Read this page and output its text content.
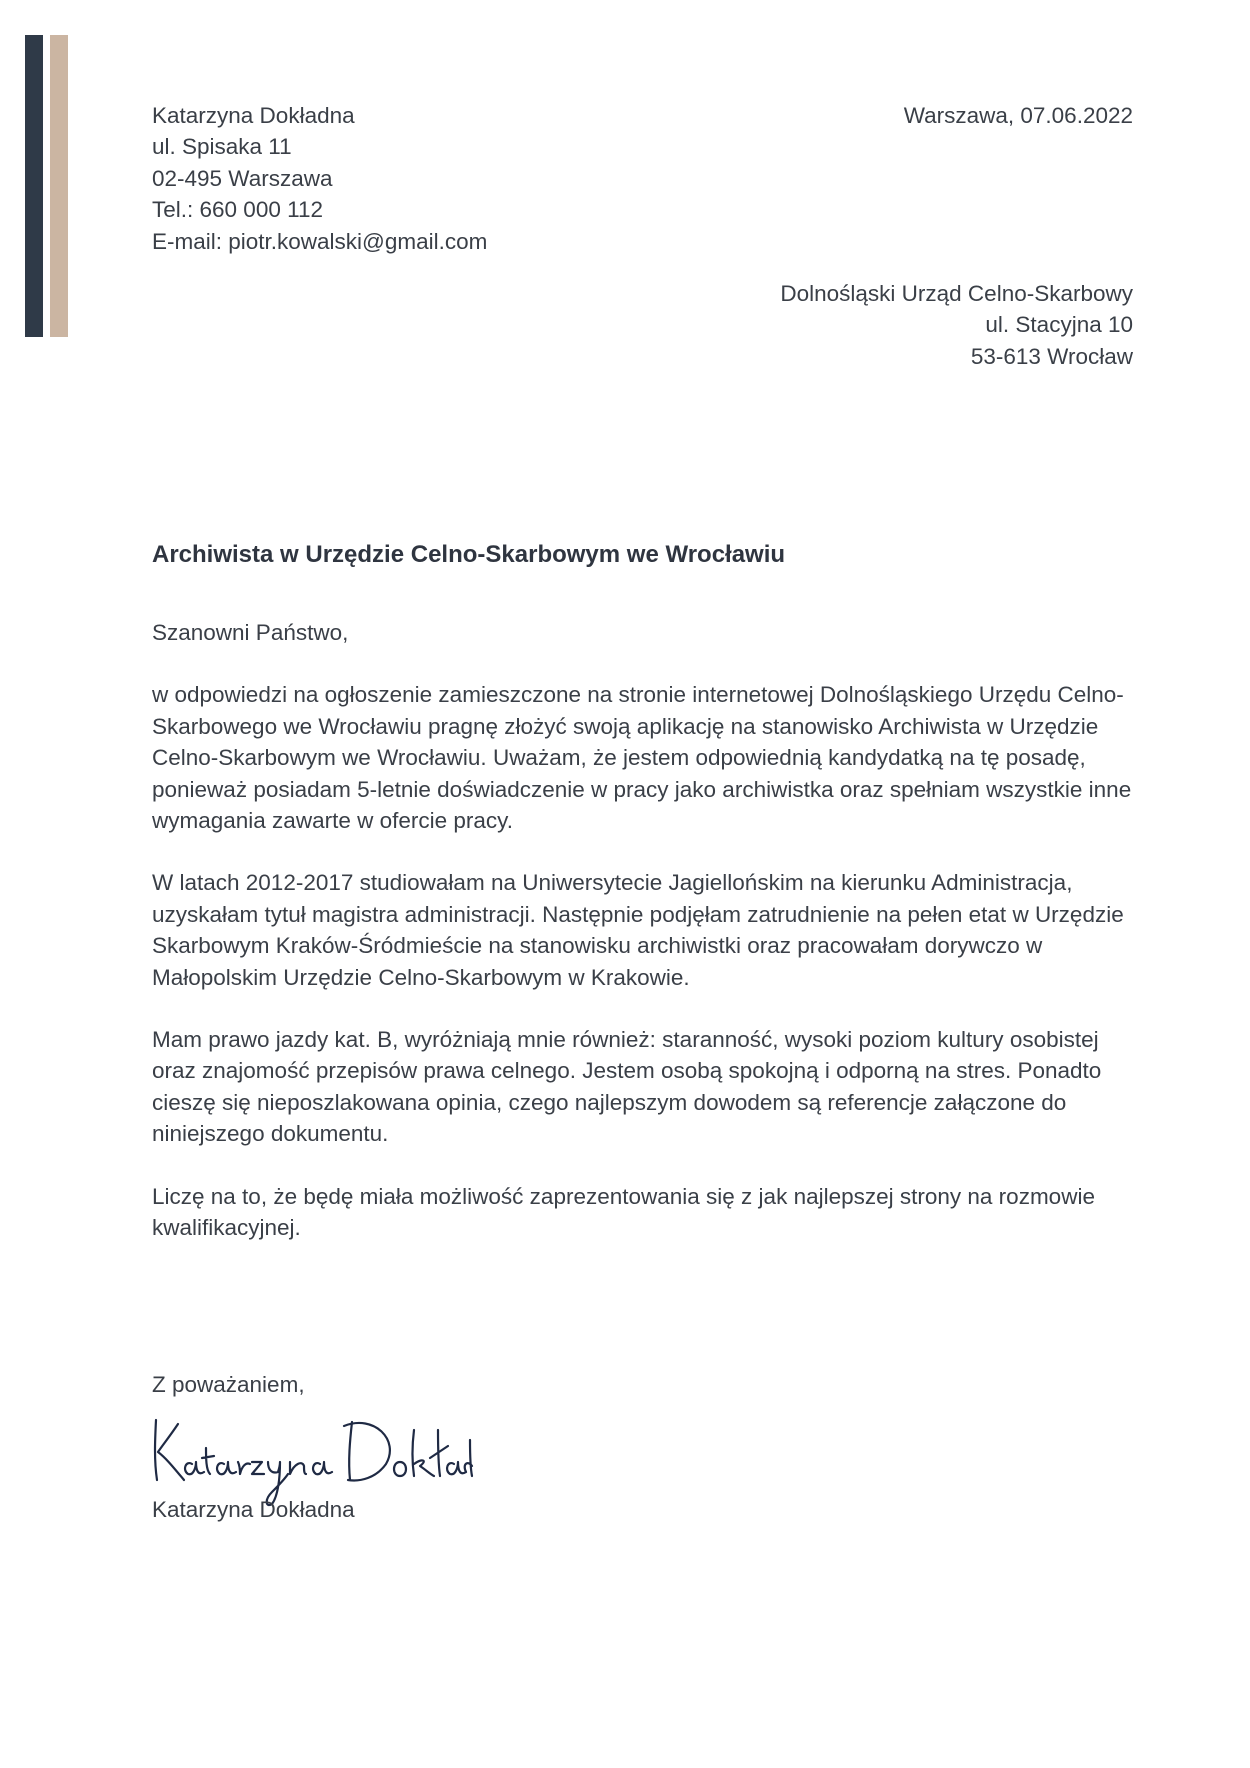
Katarzyna Dokładna
ul. Spisaka 11
02-495 Warszawa
Tel.: 660 000 112
E-mail: piotr.kowalski@gmail.com
Warszawa, 07.06.2022
Dolnośląski Urząd Celno-Skarbowy
ul. Stacyjna 10
53-613 Wrocław
Archiwista w Urzędzie Celno-Skarbowym we Wrocławiu

Szanowni Państwo,

w odpowiedzi na ogłoszenie zamieszczone na stronie internetowej Dolnośląskiego Urzędu Celno-Skarbowego we Wrocławiu pragnę złożyć swoją aplikację na stanowisko Archiwista w Urzędzie Celno-Skarbowym we Wrocławiu. Uważam, że jestem odpowiednią kandydatką na tę posadę, ponieważ posiadam 5-letnie doświadczenie w pracy jako archiwistka oraz spełniam wszystkie inne wymagania zawarte w ofercie pracy.

W latach 2012-2017 studiowałam na Uniwersytecie Jagiellońskim na kierunku Administracja, uzyskałam tytuł magistra administracji. Następnie podjęłam zatrudnienie na pełen etat w Urzędzie Skarbowym Kraków-Śródmieście na stanowisku archiwistki oraz pracowałam dorywczo w Małopolskim Urzędzie Celno-Skarbowym w Krakowie.

Mam prawo jazdy kat. B, wyróżniają mnie również: staranność, wysoki poziom kultury osobistej oraz znajomość przepisów prawa celnego. Jestem osobą spokojną i odporną na stres. Ponadto cieszę się nieposzlakowana opinia, czego najlepszym dowodem są referencje załączone do niniejszego dokumentu.

Liczę na to, że będę miała możliwość zaprezentowania się z jak najlepszej strony na rozmowie kwalifikacyjnej.

Z poważaniem,
Katarzyna Dokładna
